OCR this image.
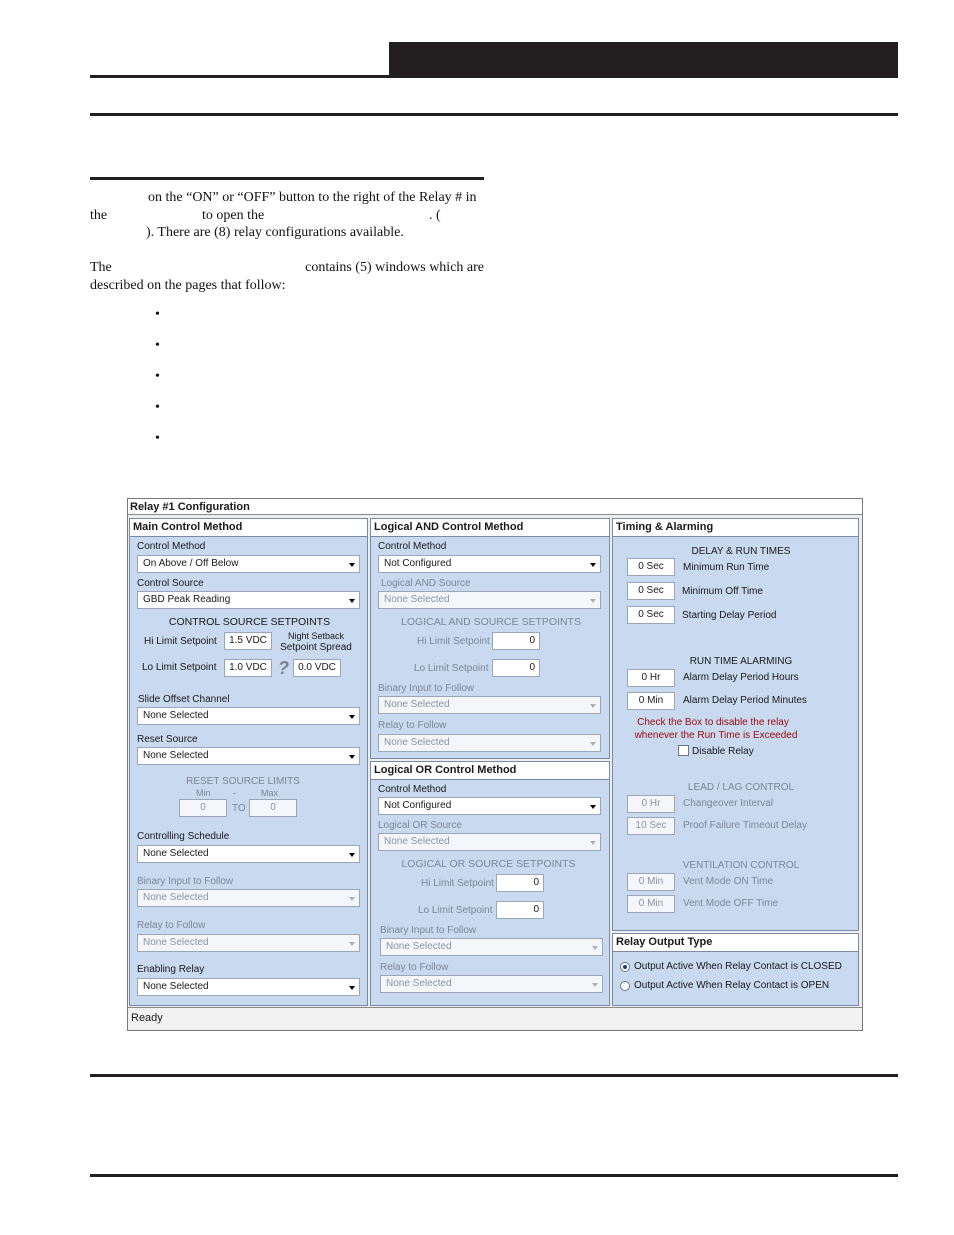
on the “ON” or “OFF” button to the right of the Relay # in
the	to open the	. (
). There are (8) relay configurations available.
The	contains (5) windows which are
described on the pages that follow:
•
•
•
•
•
Relay #1 Configuration
Main Control Method
Control Method
On Above / Off Below
Control Source
GBD Peak Reading
CONTROL SOURCE SETPOINTS
Hi Limit Setpoint	1.5 VDC	Night Setback
Setpoint Spread
Lo Limit Setpoint	1.0 VDC ? 0.0 VDC
Slide Offset Channel
None Selected
Reset Source
None Selected
RESET SOURCE LIMITS
Min -	Max
0	TO	0
Controlling Schedule
None Selected
Binary Input to Follow
None Selected
Relay to Follow
None Selected
Enabling Relay
None Selected
Logical AND Control Method
Control Method
Not Configured
Logical AND Source
None Selected
LOGICAL AND SOURCE SETPOINTS
Hi Limit Setpoint	0
Lo Limit Setpoint	0
Binary Input to Follow
None Selected
Relay to Follow
None Selected
Logical OR Control Method
Control Method
Not Configured
Logical OR Source
None Selected
LOGICAL OR SOURCE SETPOINTS
Hi Limit Setpoint	0
Lo Limit Setpoint	0
Binary Input to Follow
None Selected
Relay to Follow
None Selected
Timing & Alarming
DELAY & RUN TIMES
0 Sec	Minimum Run Time
0 Sec	Minimum Off Time
0 Sec	Starting Delay Period
RUN TIME ALARMING
0 Hr	Alarm Delay Period Hours
0 Min	Alarm Delay Period Minutes
Check the Box to disable the relay
whenever the Run Time is Exceeded
Disable Relay
LEAD / LAG CONTROL
0 Hr	Changeover Interval
10 Sec	Proof Failure Timeout Delay
VENTILATION CONTROL
0 Min	Vent Mode ON Time
0 Min	Vent Mode OFF Time
Relay Output Type
Output Active When Relay Contact is CLOSED
Output Active When Relay Contact is OPEN
Ready
